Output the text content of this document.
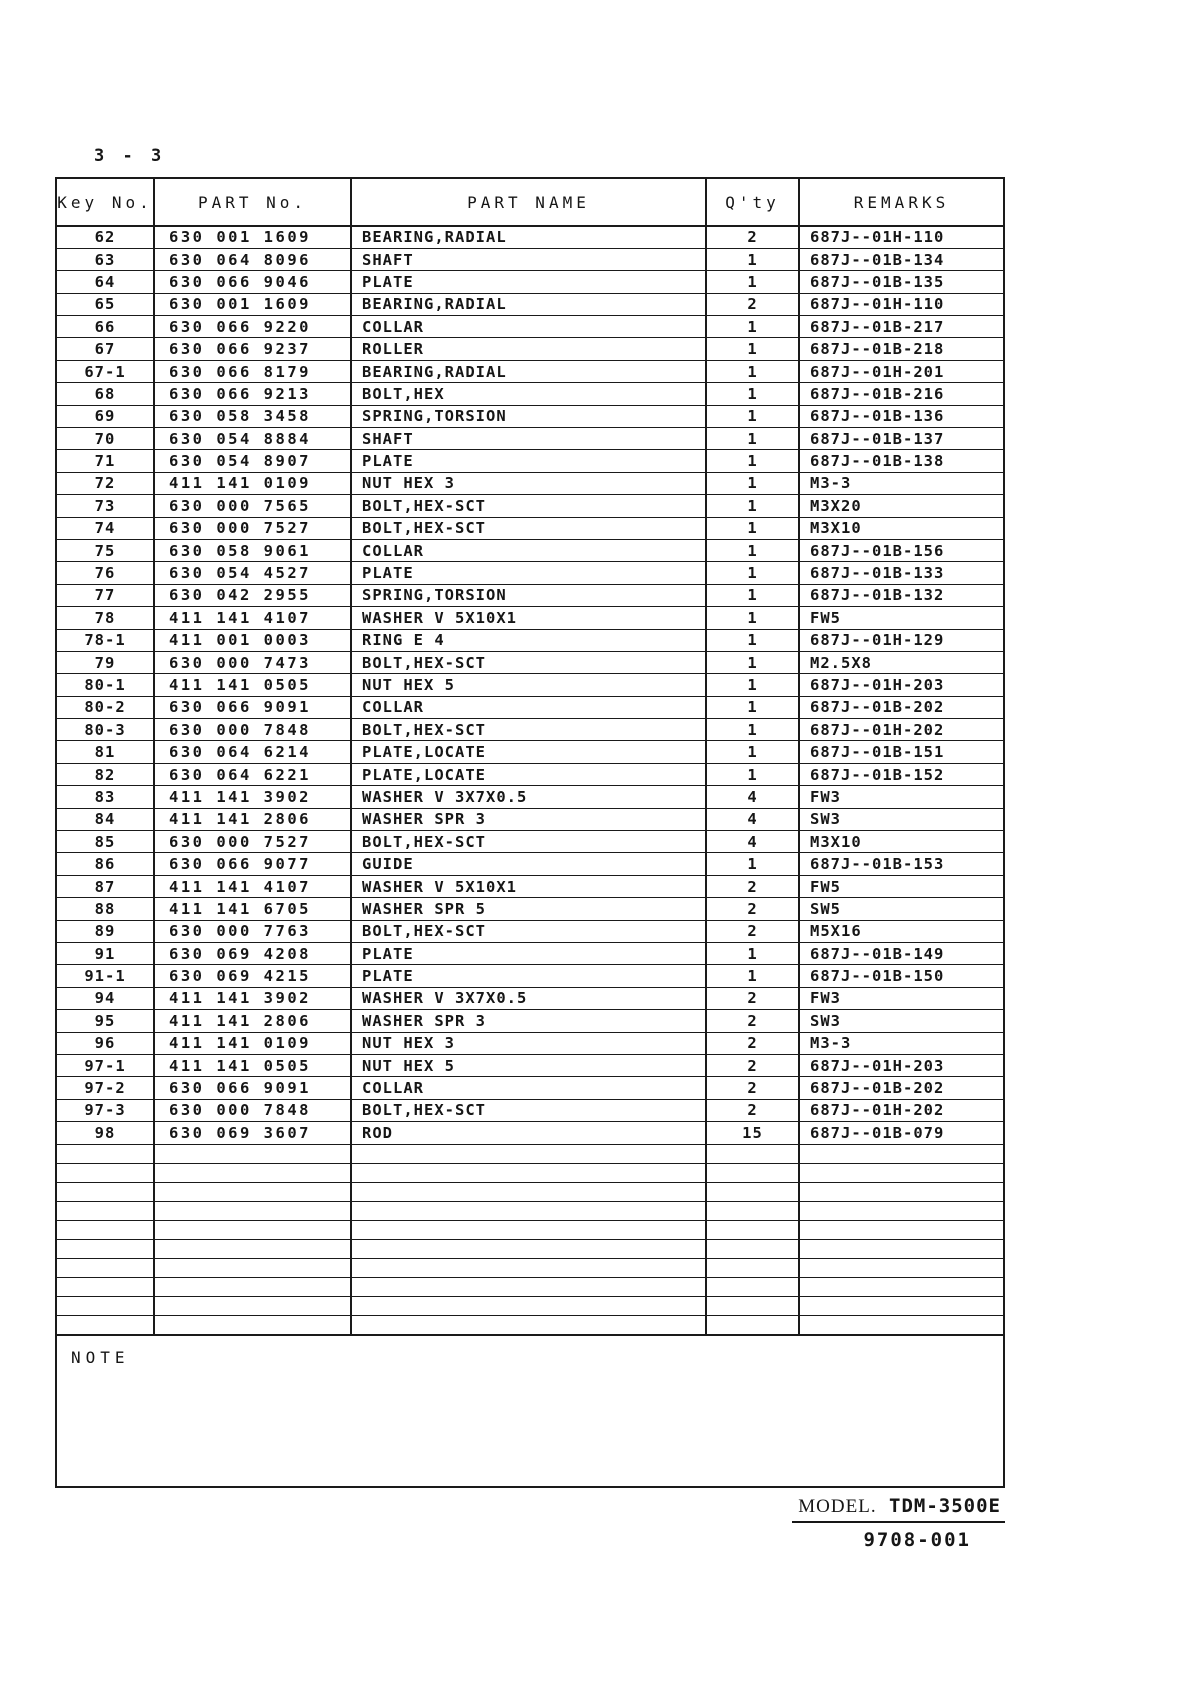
3 - 3
Key No.	PART No.	PART NAME	Q'ty	REMARKS
62	630 001 1609	BEARING,RADIAL	2	687J--01H-110
63	630 064 8096	SHAFT	1	687J--01B-134
64	630 066 9046	PLATE	1	687J--01B-135
65	630 001 1609	BEARING,RADIAL	2	687J--01H-110
66	630 066 9220	COLLAR	1	687J--01B-217
67	630 066 9237	ROLLER	1	687J--01B-218
67-1	630 066 8179	BEARING,RADIAL	1	687J--01H-201
68	630 066 9213	BOLT,HEX	1	687J--01B-216
69	630 058 3458	SPRING,TORSION	1	687J--01B-136
70	630 054 8884	SHAFT	1	687J--01B-137
71	630 054 8907	PLATE	1	687J--01B-138
72	411 141 0109	NUT HEX 3	1	M3-3
73	630 000 7565	BOLT,HEX-SCT	1	M3X20
74	630 000 7527	BOLT,HEX-SCT	1	M3X10
75	630 058 9061	COLLAR	1	687J--01B-156
76	630 054 4527	PLATE	1	687J--01B-133
77	630 042 2955	SPRING,TORSION	1	687J--01B-132
78	411 141 4107	WASHER V 5X10X1	1	FW5
78-1	411 001 0003	RING E 4	1	687J--01H-129
79	630 000 7473	BOLT,HEX-SCT	1	M2.5X8
80-1	411 141 0505	NUT HEX 5	1	687J--01H-203
80-2	630 066 9091	COLLAR	1	687J--01B-202
80-3	630 000 7848	BOLT,HEX-SCT	1	687J--01H-202
81	630 064 6214	PLATE,LOCATE	1	687J--01B-151
82	630 064 6221	PLATE,LOCATE	1	687J--01B-152
83	411 141 3902	WASHER V 3X7X0.5	4	FW3
84	411 141 2806	WASHER SPR 3	4	SW3
85	630 000 7527	BOLT,HEX-SCT	4	M3X10
86	630 066 9077	GUIDE	1	687J--01B-153
87	411 141 4107	WASHER V 5X10X1	2	FW5
88	411 141 6705	WASHER SPR 5	2	SW5
89	630 000 7763	BOLT,HEX-SCT	2	M5X16
91	630 069 4208	PLATE	1	687J--01B-149
91-1	630 069 4215	PLATE	1	687J--01B-150
94	411 141 3902	WASHER V 3X7X0.5	2	FW3
95	411 141 2806	WASHER SPR 3	2	SW3
96	411 141 0109	NUT HEX 3	2	M3-3
97-1	411 141 0505	NUT HEX 5	2	687J--01H-203
97-2	630 066 9091	COLLAR	2	687J--01B-202
97-3	630 000 7848	BOLT,HEX-SCT	2	687J--01H-202
98	630 069 3607	ROD	15	687J--01B-079

NOTE
MODEL. TDM-3500E
9708-001
